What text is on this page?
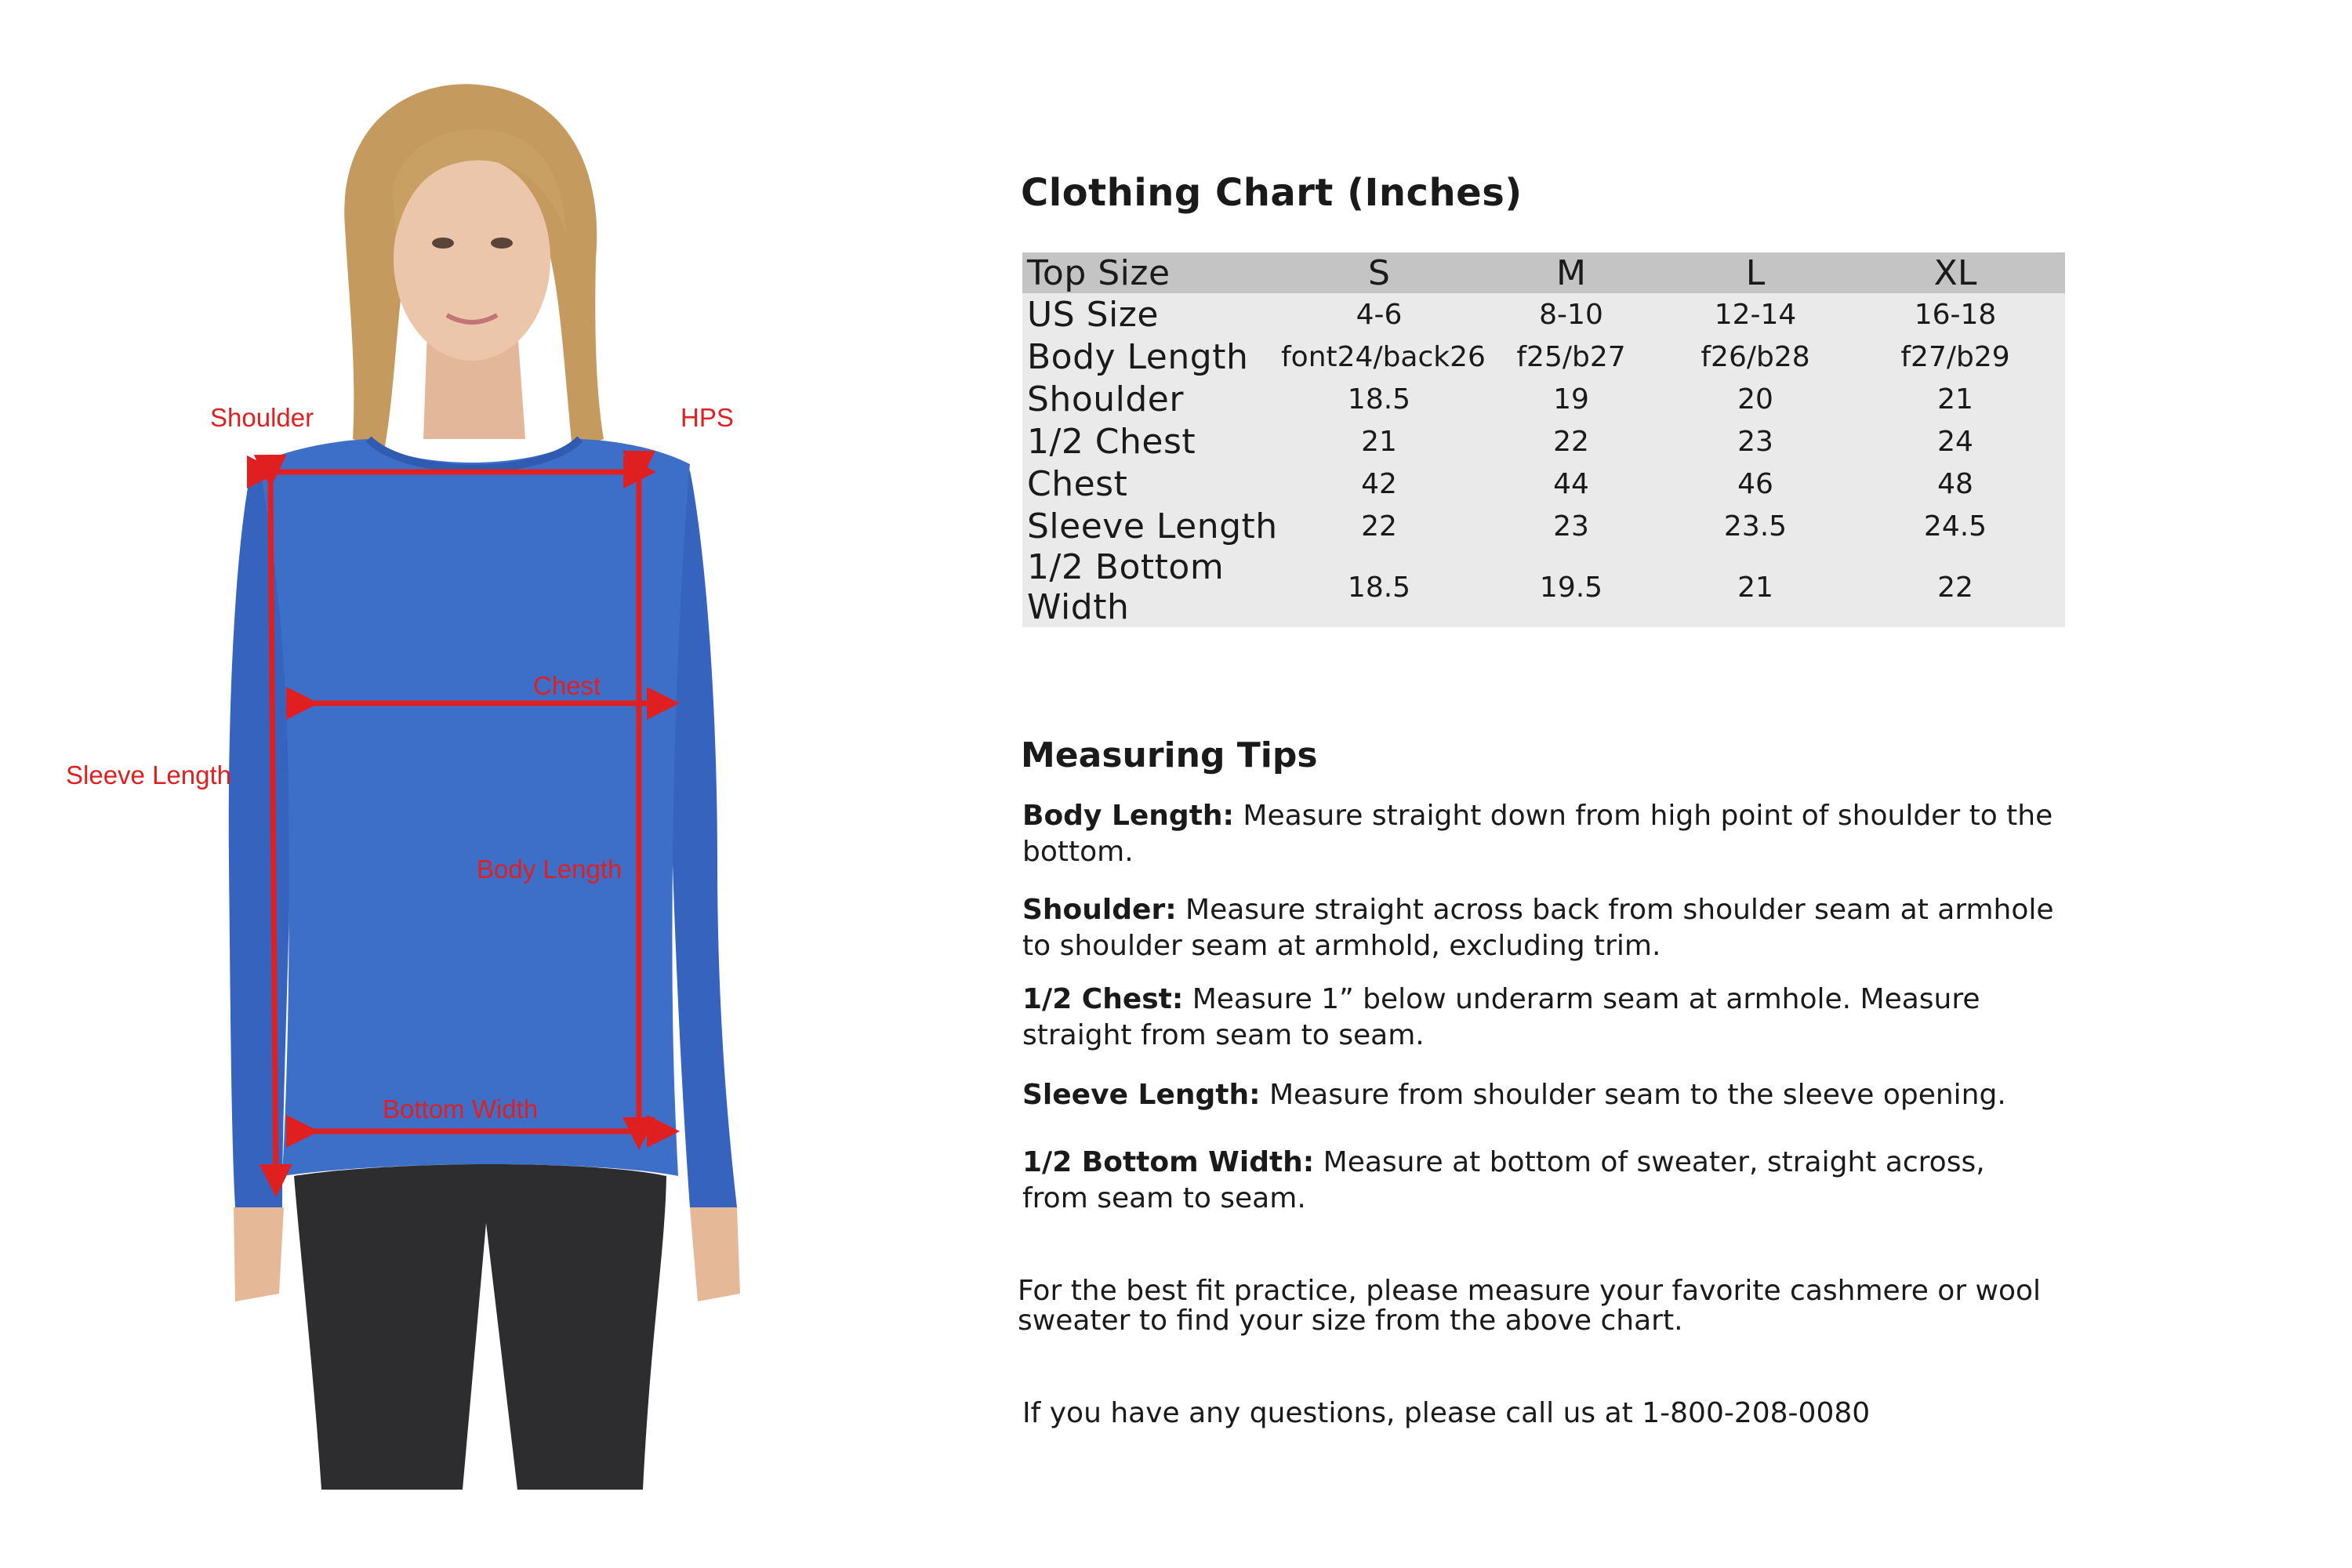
Shoulder	HPS
Chest
Sleeve Length
Body Length
Bottom Width
Clothing Chart (Inches)
Top Size	S	M	L	XL
US Size	4-6	8-10	12-14	16-18
Body Length	font24/back26	f25/b27	f26/b28	f27/b29
Shoulder	18.5	19	20	21
1/2 Chest	21	22	23	24
Chest	42	44	46	48
Sleeve Length	22	23	23.5	24.5
1/2 Bottom Width	18.5	19.5	21	22
Measuring Tips
Body Length: Measure straight down from high point of shoulder to the bottom.
Shoulder: Measure straight across back from shoulder seam at armhole to shoulder seam at armhold, excluding trim.
1/2 Chest: Measure 1” below underarm seam at armhole. Measure straight from seam to seam.
Sleeve Length: Measure from shoulder seam to the sleeve opening.
1/2 Bottom Width: Measure at bottom of sweater, straight across, from seam to seam.
For the best fit practice, please measure your favorite cashmere or wool sweater to find your size from the above chart.
If you have any questions, please call us at 1-800-208-0080
